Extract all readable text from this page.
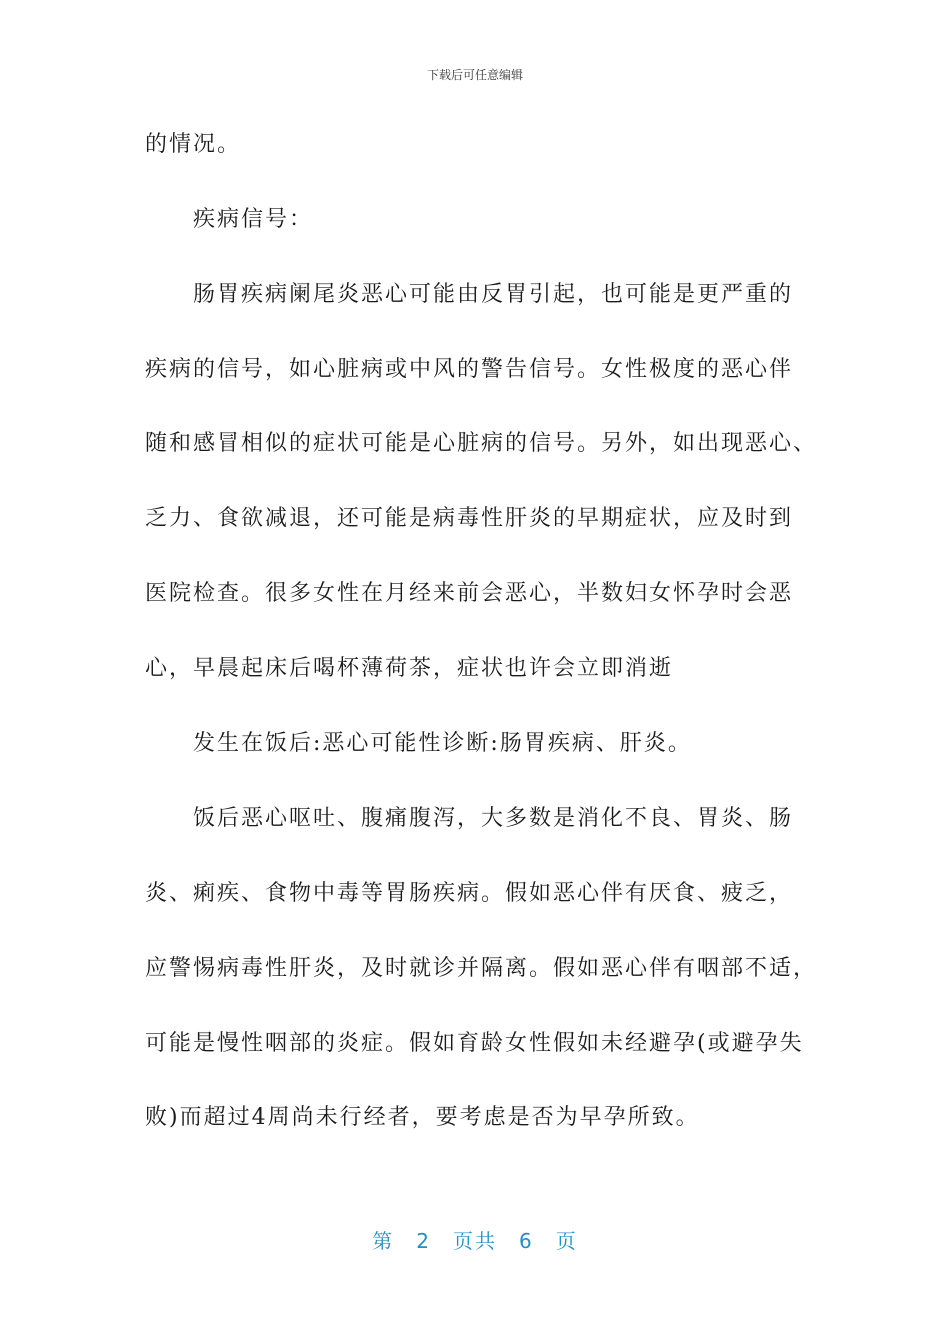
下载后可任意编辑
的情况。
疾病信号：
肠胃疾病阑尾炎恶心可能由反胃引起，也可能是更严重的
疾病的信号，如心脏病或中风的警告信号。女性极度的恶心伴
随和感冒相似的症状可能是心脏病的信号。另外，如出现恶心、
乏力、食欲减退，还可能是病毒性肝炎的早期症状，应及时到
医院检查。很多女性在月经来前会恶心，半数妇女怀孕时会恶
心，早晨起床后喝杯薄荷茶，症状也许会立即消逝
发生在饭后:恶心可能性诊断:肠胃疾病、肝炎。
饭后恶心呕吐、腹痛腹泻，大多数是消化不良、胃炎、肠
炎、痢疾、食物中毒等胃肠疾病。假如恶心伴有厌食、疲乏，
应警惕病毒性肝炎，及时就诊并隔离。假如恶心伴有咽部不适，
可能是慢性咽部的炎症。假如育龄女性假如未经避孕(或避孕失
败)而超过4周尚未行经者，要考虑是否为早孕所致。
第 2 页共 6 页
